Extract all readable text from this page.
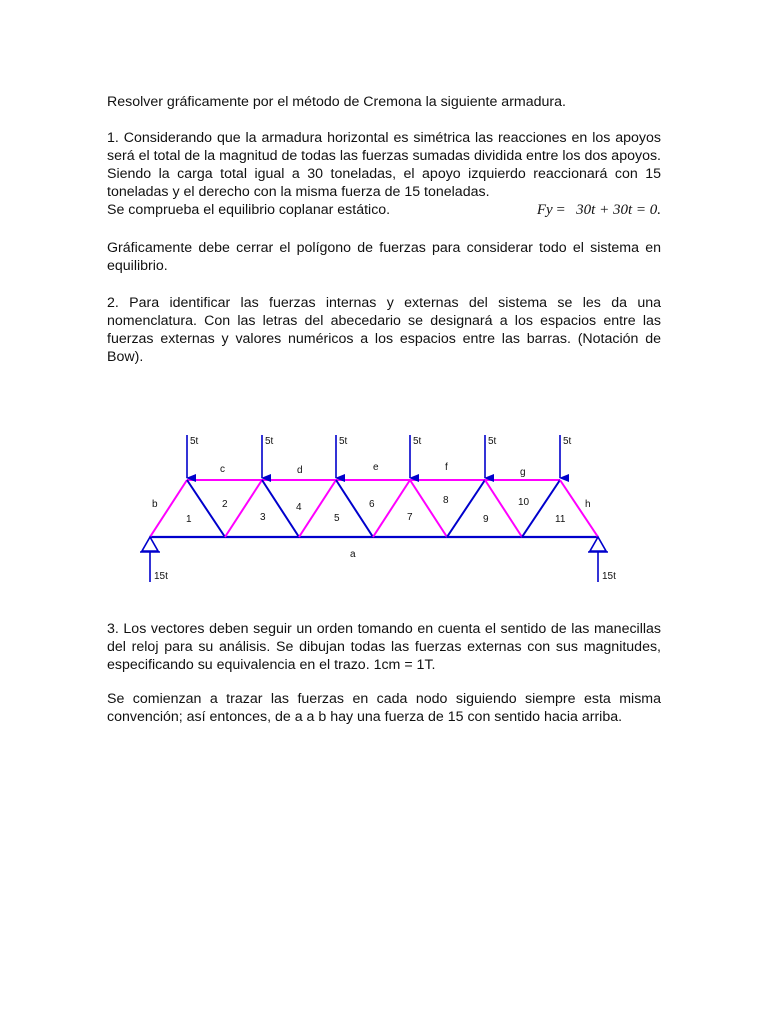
Resolver gráficamente por el método de Cremona la siguiente armadura.

1. Considerando que la armadura horizontal es simétrica las reacciones en los apoyos será el total de la magnitud de todas las fuerzas sumadas dividida entre los dos apoyos. Siendo la carga total igual a 30 toneladas, el apoyo izquierdo reaccionará con 15 toneladas y el derecho con la misma fuerza de 15 toneladas.

Se comprueba el equilibrio coplanar estático.	Fy = 30t + 30t = 0.

Gráficamente debe cerrar el polígono de fuerzas para considerar todo el sistema en equilibrio.

2. Para identificar las fuerzas internas y externas del sistema se les da una nomenclatura. Con las letras del abecedario se designará a los espacios entre las fuerzas externas y valores numéricos a los espacios entre las barras. (Notación de Bow).

5t	5t	5t	5t	5t	5t
15t	15t
c	d	e	f	g
b	h
a
1
2
3
4
5
6
7
8
9
10
11

3. Los vectores deben seguir un orden tomando en cuenta el sentido de las manecillas del reloj para su análisis. Se dibujan todas las fuerzas externas con sus magnitudes, especificando su equivalencia en el trazo. 1cm = 1T.

Se comienzan a trazar las fuerzas en cada nodo siguiendo siempre esta misma convención; así entonces, de a a b hay una fuerza de 15 con sentido hacia arriba.
